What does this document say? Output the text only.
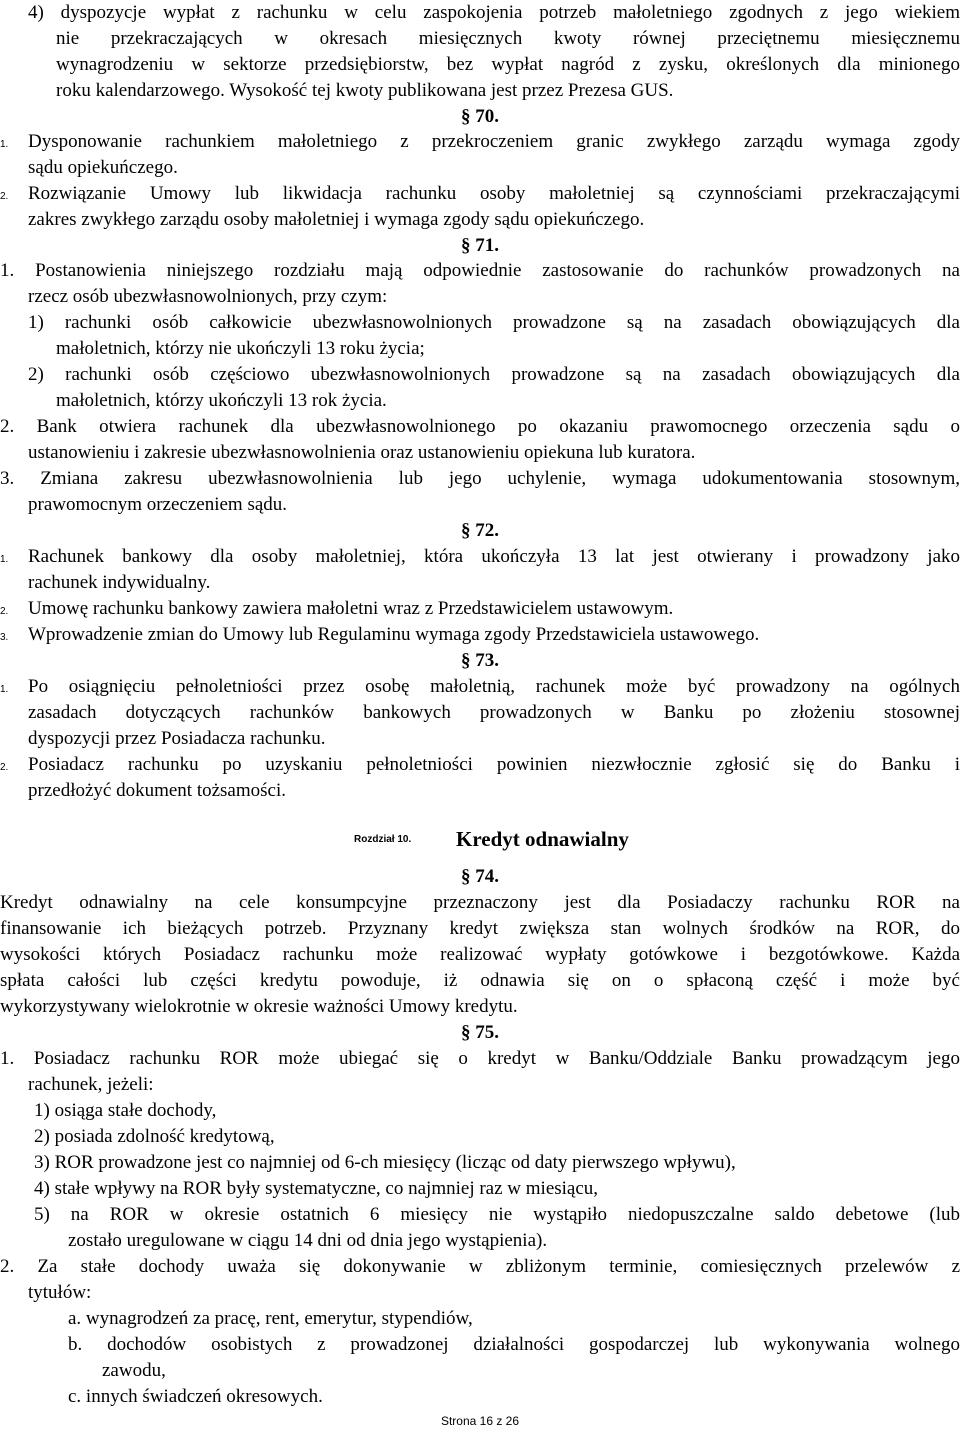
4) dyspozycje wypłat z rachunku w celu zaspokojenia potrzeb małoletniego zgodnych z jego wiekiem
nie przekraczających w okresach miesięcznych kwoty równej przeciętnemu miesięcznemu
wynagrodzeniu w sektorze przedsiębiorstw, bez wypłat nagród z zysku, określonych dla minionego
roku kalendarzowego. Wysokość tej kwoty publikowana jest przez Prezesa GUS.
§ 70.
1.	Dysponowanie rachunkiem małoletniego z przekroczeniem granic zwykłego zarządu wymaga zgody
sądu opiekuńczego.
2.	Rozwiązanie Umowy lub likwidacja rachunku osoby małoletniej są czynnościami przekraczającymi
zakres zwykłego zarządu osoby małoletniej i wymaga zgody sądu opiekuńczego.
§ 71.
1. Postanowienia niniejszego rozdziału mają odpowiednie zastosowanie do rachunków prowadzonych na
rzecz osób ubezwłasnowolnionych, przy czym:
1) rachunki osób całkowicie ubezwłasnowolnionych prowadzone są na zasadach obowiązujących dla
małoletnich, którzy nie ukończyli 13 roku życia;
2) rachunki osób częściowo ubezwłasnowolnionych prowadzone są na zasadach obowiązujących dla
małoletnich, którzy ukończyli 13 rok życia.
2. Bank otwiera rachunek dla ubezwłasnowolnionego po okazaniu prawomocnego orzeczenia sądu o
ustanowieniu i zakresie ubezwłasnowolnienia oraz ustanowieniu opiekuna lub kuratora.
3. Zmiana zakresu ubezwłasnowolnienia lub jego uchylenie, wymaga udokumentowania stosownym,
prawomocnym orzeczeniem sądu.
§ 72.
1.	Rachunek bankowy dla osoby małoletniej, która ukończyła 13 lat jest otwierany i prowadzony jako
rachunek indywidualny.
2.	Umowę rachunku bankowy zawiera małoletni wraz z Przedstawicielem ustawowym.
3.	Wprowadzenie zmian do Umowy lub Regulaminu wymaga zgody Przedstawiciela ustawowego.
§ 73.
1.	Po osiągnięciu pełnoletniości przez osobę małoletnią, rachunek może być prowadzony na ogólnych
zasadach dotyczących rachunków bankowych prowadzonych w Banku po złożeniu stosownej
dyspozycji przez Posiadacza rachunku.
2.	Posiadacz rachunku po uzyskaniu pełnoletniości powinien niezwłocznie zgłosić się do Banku i
przedłożyć dokument tożsamości.
Rozdział 10. Kredyt odnawialny
§ 74.
Kredyt odnawialny na cele konsumpcyjne przeznaczony jest dla Posiadaczy rachunku ROR na
finansowanie ich bieżących potrzeb. Przyznany kredyt zwiększa stan wolnych środków na ROR, do
wysokości których Posiadacz rachunku może realizować wypłaty gotówkowe i bezgotówkowe. Każda
spłata całości lub części kredytu powoduje, iż odnawia się on o spłaconą część i może być
wykorzystywany wielokrotnie w okresie ważności Umowy kredytu.
§ 75.
1. Posiadacz rachunku ROR może ubiegać się o kredyt w Banku/Oddziale Banku prowadzącym jego
rachunek, jeżeli:
1) osiąga stałe dochody,
2) posiada zdolność kredytową,
3) ROR prowadzone jest co najmniej od 6-ch miesięcy (licząc od daty pierwszego wpływu),
4) stałe wpływy na ROR były systematyczne, co najmniej raz w miesiącu,
5) na ROR w okresie ostatnich 6 miesięcy nie wystąpiło niedopuszczalne saldo debetowe (lub
zostało uregulowane w ciągu 14 dni od dnia jego wystąpienia).
2. Za stałe dochody uważa się dokonywanie w zbliżonym terminie, comiesięcznych przelewów z
tytułów:
a. wynagrodzeń za pracę, rent, emerytur, stypendiów,
b. dochodów osobistych z prowadzonej działalności gospodarczej lub wykonywania wolnego
zawodu,
c. innych świadczeń okresowych.
Strona 16 z 26
